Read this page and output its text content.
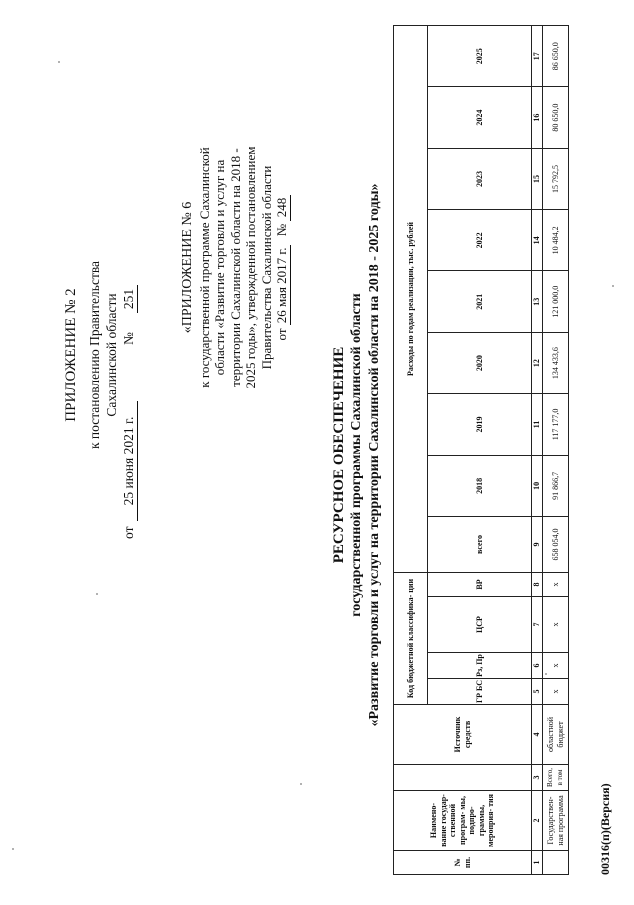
ПРИЛОЖЕНИЕ № 2 к постановлению Правительства Сахалинской области
от
25 июня 2021 г.
№
251	«ПРИЛОЖЕНИЕ № 6 к государственной программе Сахалинской области «Развитие торговли и услуг на территории Сахалинской области на 2018 - 2025 годы», утвержденной постановлением Правительства Сахалинской области от 26 мая 2017 г. № 248
РЕСУРСНОЕ ОБЕСПЕЧЕНИЕ государственной программы Сахалинской области «Развитие торговли и услуг на территории Сахалинской области на 2018 - 2025 годы»
№ пп.	Наимено- вание государ- ственной програм- мы, подпро- граммы, мероприя- тия		Источник средств	Код бюджетной классифика- ции				Расходы по годам реализации, тыс. рублей								
				ГР БС	Рз, Пр	ЦСР	ВР	всего	2018	2019	2020	2021	2022	2023	2024	2025
1	2	3	4	5	6	7	8	9	10	11	12	13	14	15	16	17
	Государствен- ная программа	Всего, в том	областной бюджет	х	х	х	х	658 054,0	91 866,7	117 177,0	134 433,6	121 000,0	10 484,2	15 792,5	80 650,0	86 650,0
00316(п)(Версия)
